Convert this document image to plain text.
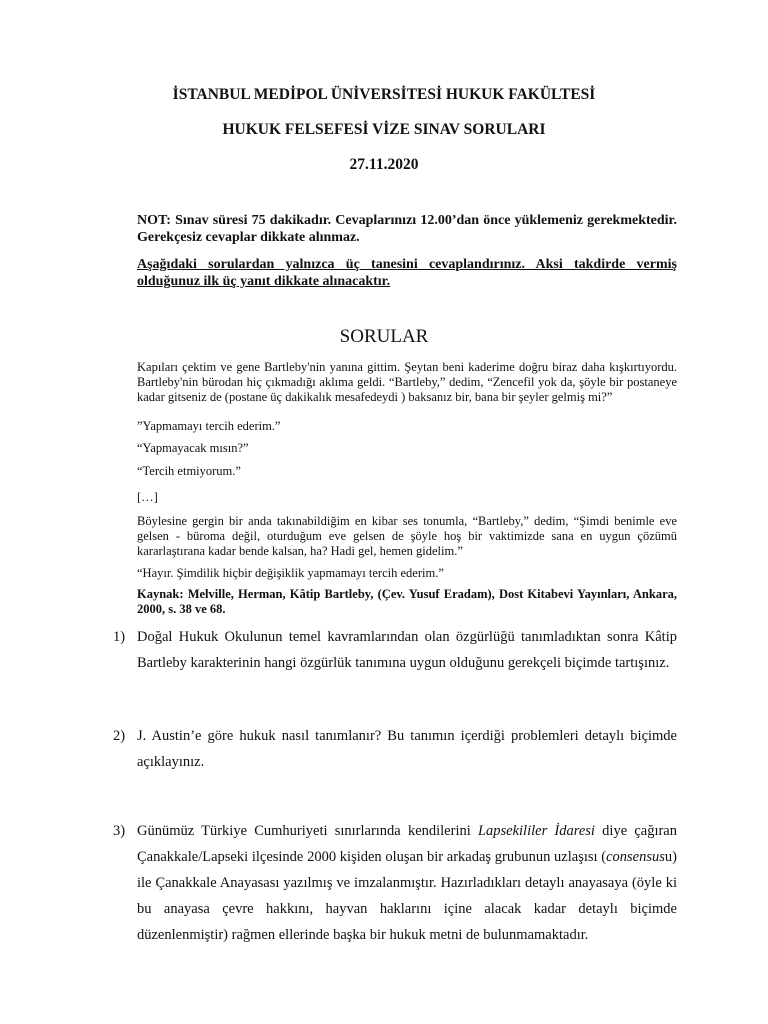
İSTANBUL MEDİPOL ÜNİVERSİTESİ HUKUK FAKÜLTESİ
HUKUK FELSEFESİ VİZE SINAV SORULARI
27.11.2020
NOT: Sınav süresi 75 dakikadır. Cevaplarınızı 12.00’dan önce yüklemeniz gerekmektedir. Gerekçesiz cevaplar dikkate alınmaz.
Aşağıdaki sorulardan yalnızca üç tanesini cevaplandırınız. Aksi takdirde vermiş olduğunuz ilk üç yanıt dikkate alınacaktır.
SORULAR
Kapıları çektim ve gene Bartleby'nin yanına gittim. Şeytan beni kaderime doğru biraz daha kışkırtıyordu. Bartleby'nin bürodan hiç çıkmadığı aklıma geldi. “Bartleby,” dedim, “Zencefil yok da, şöyle bir postaneye kadar gitseniz de (postane üç dakikalık mesafedeydi ) baksanız bir, bana bir şeyler gelmiş mi?”
”Yapmamayı tercih ederim.”
“Yapmayacak mısın?”
“Tercih etmiyorum.”
[…]
Böylesine gergin bir anda takınabildiğim en kibar ses tonumla, “Bartleby,” dedim, “Şimdi benimle eve gelsen - büroma değil, oturduğum eve gelsen de şöyle hoş bir vaktimizde sana en uygun çözümü kararlaştırana kadar bende kalsan, ha? Hadi gel, hemen gidelim.”
“Hayır. Şimdilik hiçbir değişiklik yapmamayı tercih ederim.”
Kaynak: Melville, Herman, Kâtip Bartleby, (Çev. Yusuf Eradam), Dost Kitabevi Yayınları, Ankara, 2000, s. 38 ve 68.
1) Doğal Hukuk Okulunun temel kavramlarından olan özgürlüğü tanımladıktan sonra Kâtip Bartleby karakterinin hangi özgürlük tanımına uygun olduğunu gerekçeli biçimde tartışınız.
2) J. Austin’e göre hukuk nasıl tanımlanır? Bu tanımın içerdiği problemleri detaylı biçimde açıklayınız.
3) Günümüz Türkiye Cumhuriyeti sınırlarında kendilerini Lapsekililer İdaresi diye çağıran Çanakkale/Lapseki ilçesinde 2000 kişiden oluşan bir arkadaş grubunun uzlaşısı (consensusu) ile Çanakkale Anayasası yazılmış ve imzalanmıştır. Hazırladıkları detaylı anayasaya (öyle ki bu anayasa çevre hakkını, hayvan haklarını içine alacak kadar detaylı biçimde düzenlenmiştir) rağmen ellerinde başka bir hukuk metni de bulunmamaktadır.
